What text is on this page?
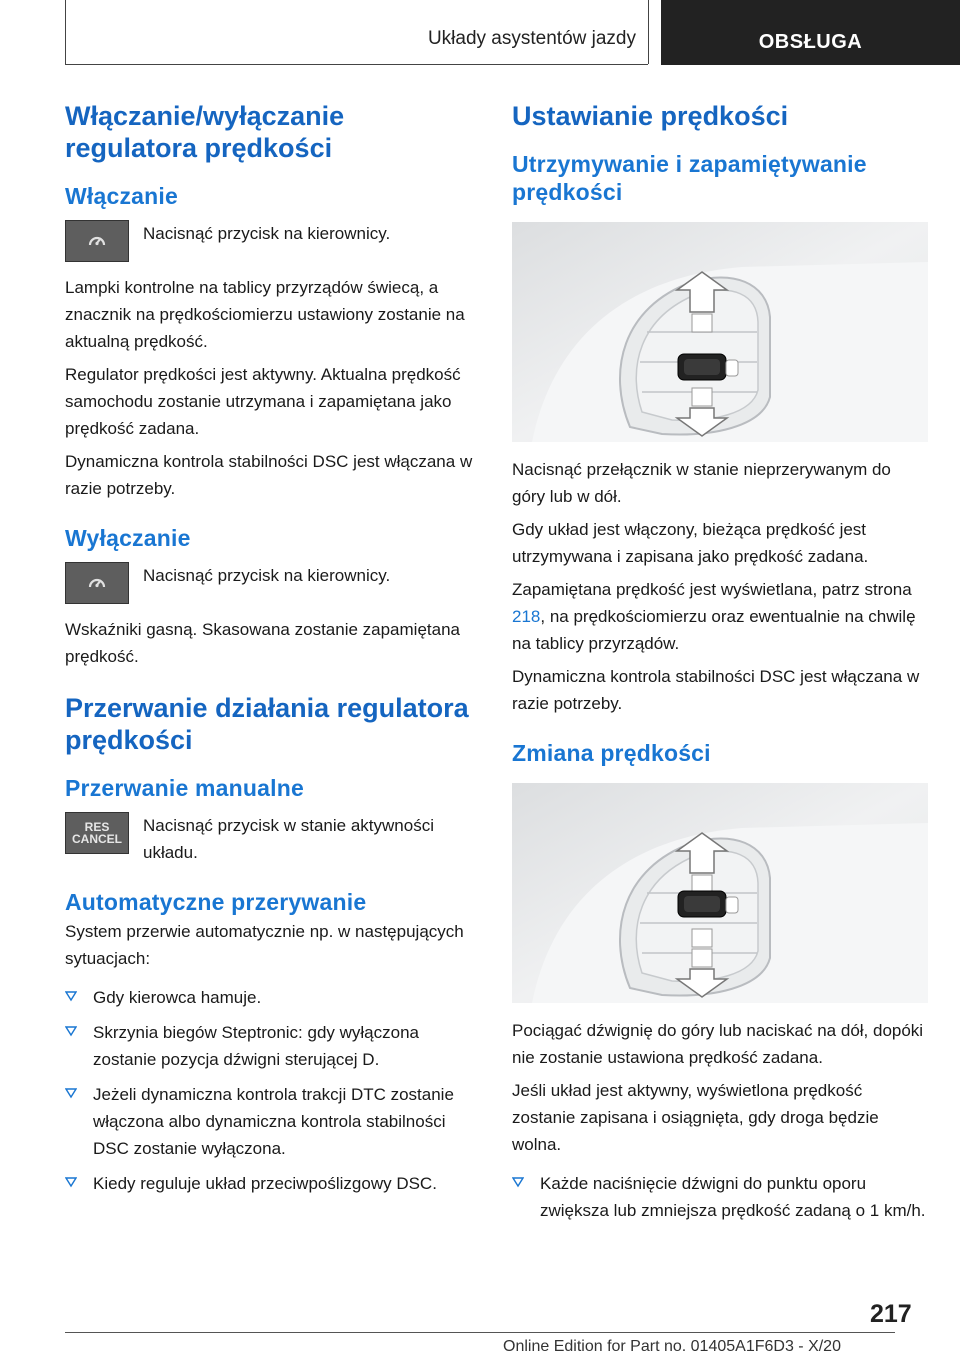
Układy asystentów jazdy	OBSŁUGA
Włączanie/wyłączanie regulatora prędkości
Włączanie

Nacisnąć przycisk na kierownicy.

Lampki kontrolne na tablicy przyrządów świecą, a znacznik na prędkościomierzu ustawiony zostanie na aktualną prędkość.

Regulator prędkości jest aktywny. Aktualna prędkość samochodu zostanie utrzymana i zapamiętana jako prędkość zadana.

Dynamiczna kontrola stabilności DSC jest włączana w razie potrzeby.

Wyłączanie

Nacisnąć przycisk na kierownicy.

Wskaźniki gasną. Skasowana zostanie zapamiętana prędkość.

Przerwanie działania regulatora prędkości
Przerwanie manualne
RES
CANCEL

Nacisnąć przycisk w stanie aktywności układu.

Automatyczne przerywanie

System przerwie automatycznie np. w następujących sytuacjach:

Gdy kierowca hamuje.
Skrzynia biegów Steptronic: gdy wyłączona zostanie pozycja dźwigni sterującej D.
Jeżeli dynamiczna kontrola trakcji DTC zostanie włączona albo dynamiczna kontrola stabilności DSC zostanie wyłączona.
Kiedy reguluje układ przeciwpoślizgowy DSC.
Ustawianie prędkości
Utrzymywanie i zapamiętywanie prędkości

Nacisnąć przełącznik w stanie nieprzerywanym do góry lub w dół.

Gdy układ jest włączony, bieżąca prędkość jest utrzymywana i zapisana jako prędkość zadana.

Zapamiętana prędkość jest wyświetlana, patrz strona 218, na prędkościomierzu oraz ewentualnie na chwilę na tablicy przyrządów.

Dynamiczna kontrola stabilności DSC jest włączana w razie potrzeby.

Zmiana prędkości

Pociągać dźwignię do góry lub naciskać na dół, dopóki nie zostanie ustawiona prędkość zadana.

Jeśli układ jest aktywny, wyświetlona prędkość zostanie zapisana i osiągnięta, gdy droga będzie wolna.

Każde naciśnięcie dźwigni do punktu oporu zwiększa lub zmniejsza prędkość zadaną o 1 km/h.
217
Online Edition for Part no. 01405A1F6D3 - X/20
